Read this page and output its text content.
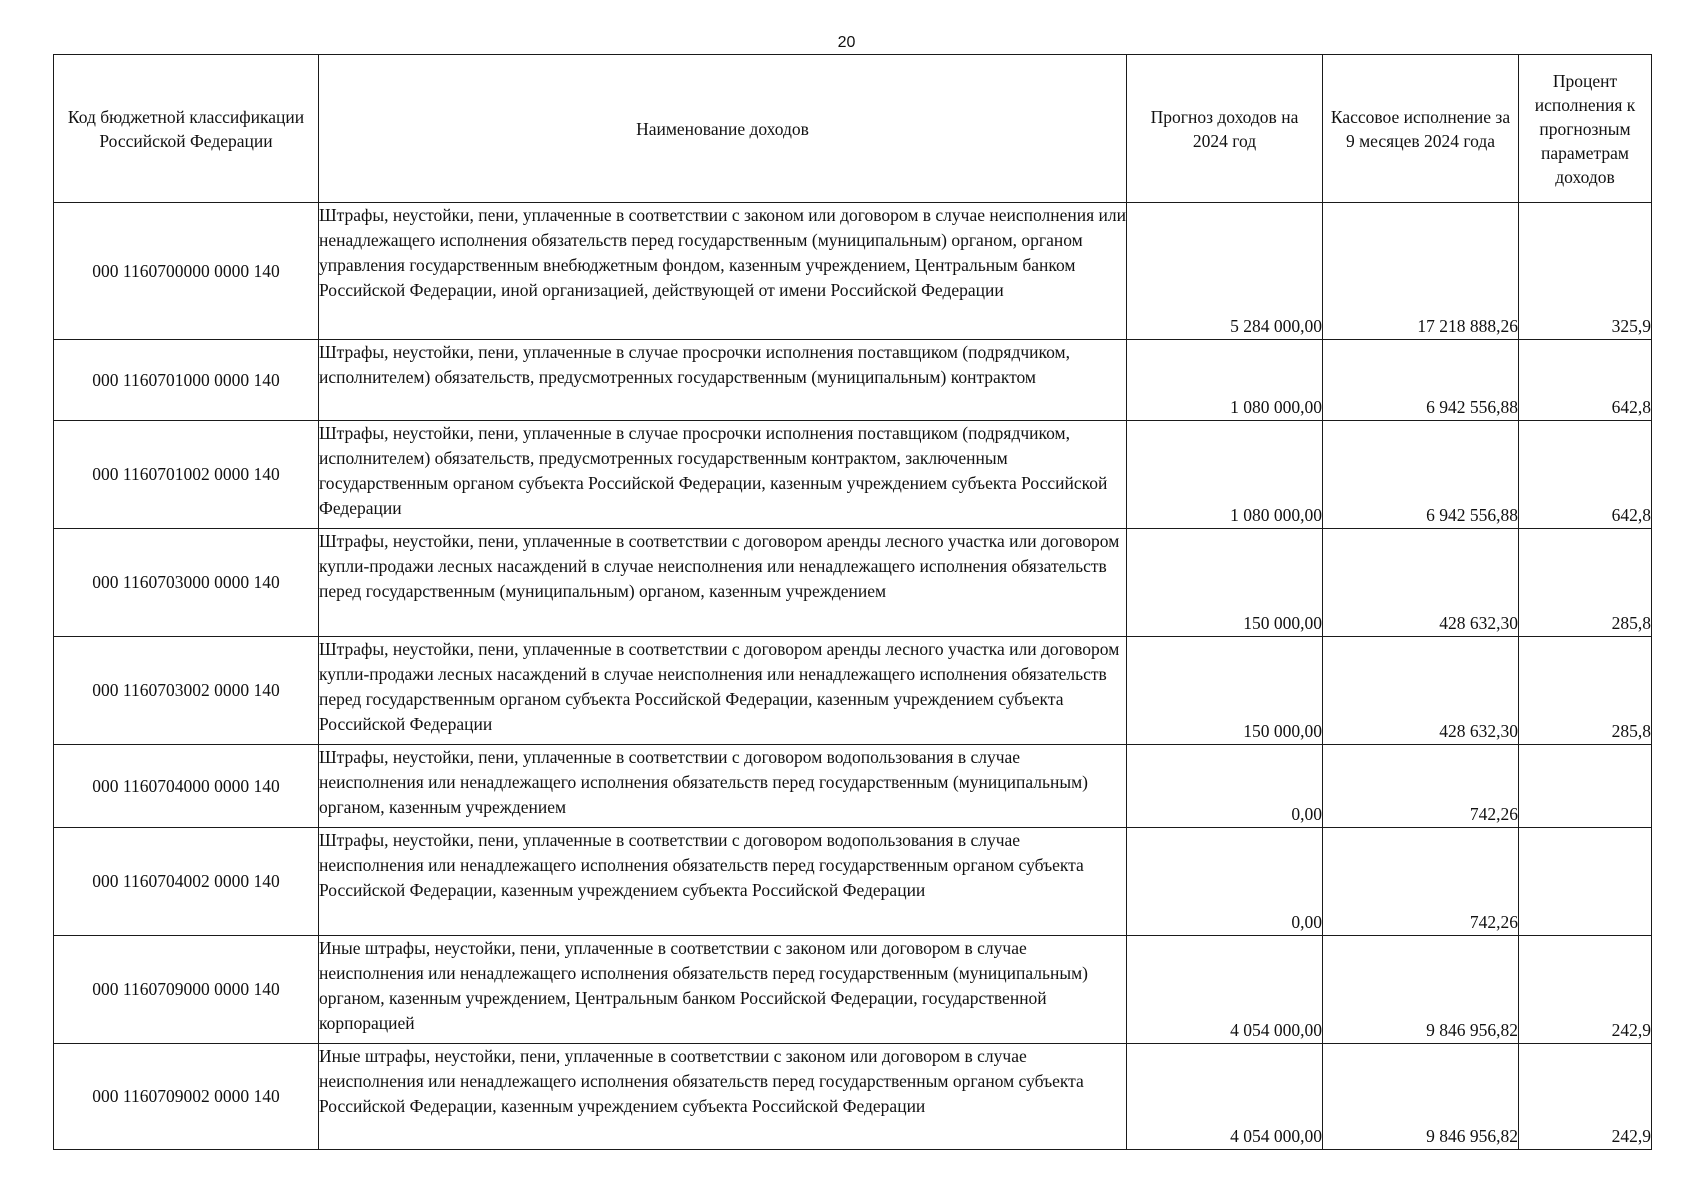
20
Код бюджетной классификации Российской Федерации	Наименование доходов	Прогноз доходов на 2024 год	Кассовое исполнение за 9 месяцев 2024 года	Процент исполнения к прогнозным параметрам доходов
000 1160700000 0000 140	Штрафы, неустойки, пени, уплаченные в соответствии с законом или договором в случае неисполнения или ненадлежащего исполнения обязательств перед государственным (муниципальным) органом, органом управления государственным внебюджетным фондом, казенным учреждением, Центральным банком Российской Федерации, иной организацией, действующей от имени Российской Федерации	5 284 000,00	17 218 888,26	325,9
000 1160701000 0000 140	Штрафы, неустойки, пени, уплаченные в случае просрочки исполнения поставщиком (подрядчиком, исполнителем) обязательств, предусмотренных государственным (муниципальным) контрактом	1 080 000,00	6 942 556,88	642,8
000 1160701002 0000 140	Штрафы, неустойки, пени, уплаченные в случае просрочки исполнения поставщиком (подрядчиком, исполнителем) обязательств, предусмотренных государственным контрактом, заключенным государственным органом субъекта Российской Федерации, казенным учреждением субъекта Российской Федерации	1 080 000,00	6 942 556,88	642,8
000 1160703000 0000 140	Штрафы, неустойки, пени, уплаченные в соответствии с договором аренды лесного участка или договором купли-продажи лесных насаждений в случае неисполнения или ненадлежащего исполнения обязательств перед государственным (муниципальным) органом, казенным учреждением	150 000,00	428 632,30	285,8
000 1160703002 0000 140	Штрафы, неустойки, пени, уплаченные в соответствии с договором аренды лесного участка или договором купли-продажи лесных насаждений в случае неисполнения или ненадлежащего исполнения обязательств перед государственным органом субъекта Российской Федерации, казенным учреждением субъекта Российской Федерации	150 000,00	428 632,30	285,8
000 1160704000 0000 140	Штрафы, неустойки, пени, уплаченные в соответствии с договором водопользования в случае неисполнения или ненадлежащего исполнения обязательств перед государственным (муниципальным) органом, казенным учреждением	0,00	742,26	
000 1160704002 0000 140	Штрафы, неустойки, пени, уплаченные в соответствии с договором водопользования в случае неисполнения или ненадлежащего исполнения обязательств перед государственным органом субъекта Российской Федерации, казенным учреждением субъекта Российской Федерации	0,00	742,26	
000 1160709000 0000 140	Иные штрафы, неустойки, пени, уплаченные в соответствии с законом или договором в случае неисполнения или ненадлежащего исполнения обязательств перед государственным (муниципальным) органом, казенным учреждением, Центральным банком Российской Федерации, государственной корпорацией	4 054 000,00	9 846 956,82	242,9
000 1160709002 0000 140	Иные штрафы, неустойки, пени, уплаченные в соответствии с законом или договором в случае неисполнения или ненадлежащего исполнения обязательств перед государственным органом субъекта Российской Федерации, казенным учреждением субъекта Российской Федерации	4 054 000,00	9 846 956,82	242,9
